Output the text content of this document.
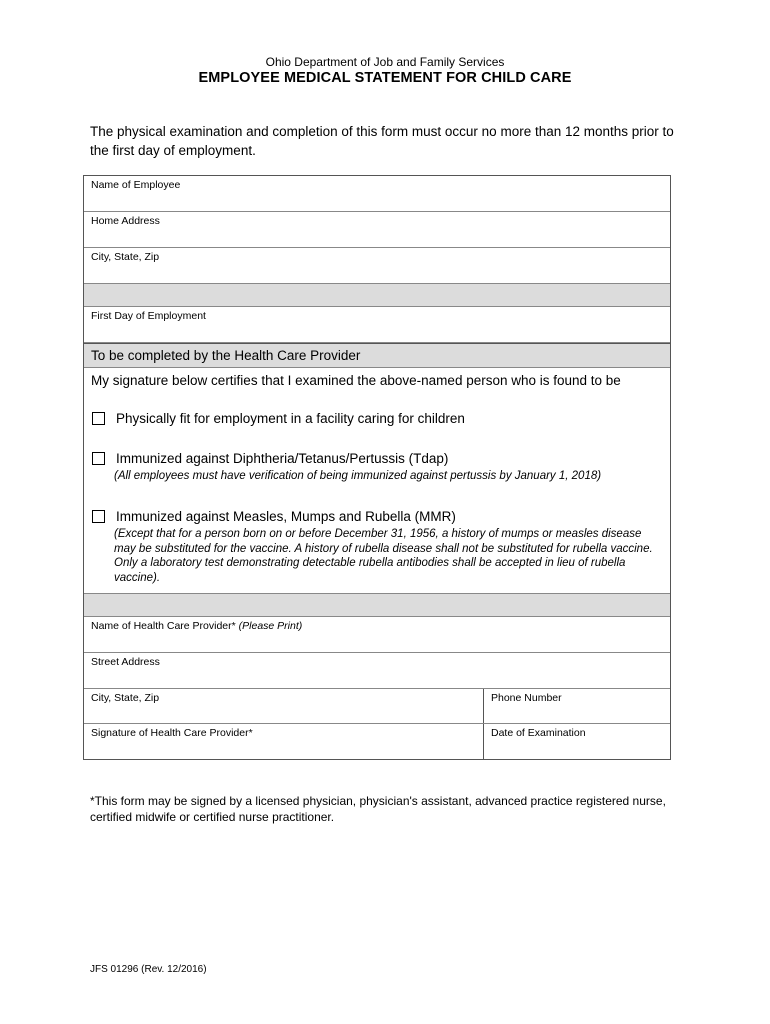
Ohio Department of Job and Family Services
EMPLOYEE MEDICAL STATEMENT FOR CHILD CARE
The physical examination and completion of this form must occur no more than 12 months prior to the first day of employment.
Name of Employee
Home Address
City, State, Zip
First Day of Employment
To be completed by the Health Care Provider
My signature below certifies that I examined the above-named person who is found to be
Physically fit for employment in a facility caring for children
Immunized against Diphtheria/Tetanus/Pertussis (Tdap)
(All employees must have verification of being immunized against pertussis by January 1, 2018)
Immunized against Measles, Mumps and Rubella (MMR)
(Except that for a person born on or before December 31, 1956, a history of mumps or measles disease may be substituted for the vaccine. A history of rubella disease shall not be substituted for rubella vaccine. Only a laboratory test demonstrating detectable rubella antibodies shall be accepted in lieu of rubella vaccine).
Name of Health Care Provider* (Please Print)
Street Address
City, State, Zip	Phone Number
Signature of Health Care Provider*	Date of Examination
*This form may be signed by a licensed physician, physician's assistant, advanced practice registered nurse, certified midwife or certified nurse practitioner.
JFS 01296 (Rev. 12/2016)
